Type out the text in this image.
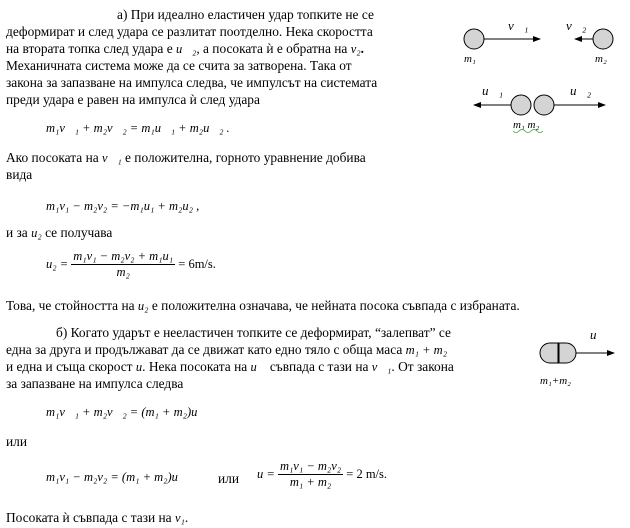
а) При идеално еластичен удар топките не се
деформират и след удара се разлитат поотделно. Нека скоростта
на втората топка след удара е u⃗₂, а посоката ѝ е обратна на v₂.
Механичната система може да се счита за затворена. Така от
закона за запазване на импулса следва, че импулсът на системата
преди удара е равен на импулса ѝ след удара
m₁v⃗₁ + m₂v⃗₂ = m₁u⃗₁ + m₂u⃗₂ .
Ако посоката на v⃗₁ е положителна, горното уравнение добива
вида
m₁v₁ − m₂v₂ = −m₁u₁ + m₂u₂ ,
и за u₂ се получава
$u_2 = \frac{\text{m₁v₁ − m₂v₂ + m₁u₁}}{\text{m₂}} = 6m/s$.
Това, че стойността на u₂ е положителна означава, че нейната посока съвпада с избраната.
б) Когато ударът е нееластичен топките се деформират, “залепват” се
една за друга и продължават да се движат като едно тяло с обща маса m₁ + m₂
и една и съща скорост u. Нека посоката на u⃗ съвпада с тази на v⃗₁. От закона
за запазване на импулса следва
m₁v⃗₁ + m₂v⃗₂ = (m₁ + m₂)u⃗
или
m₁v₁ − m₂v₂ = (m₁ + m₂)u	или $u = \frac{\text{m₁v₁ − m₂v₂}}{\text{m₁ + m₂}} = 2$ m/s.
Посоката ѝ съвпада с тази на v₁.
v⃗₁
m₁
v⃗₂
m₂
u⃗₁	u⃗₂
m₁ m₂
u⃗
m₁+m₂
